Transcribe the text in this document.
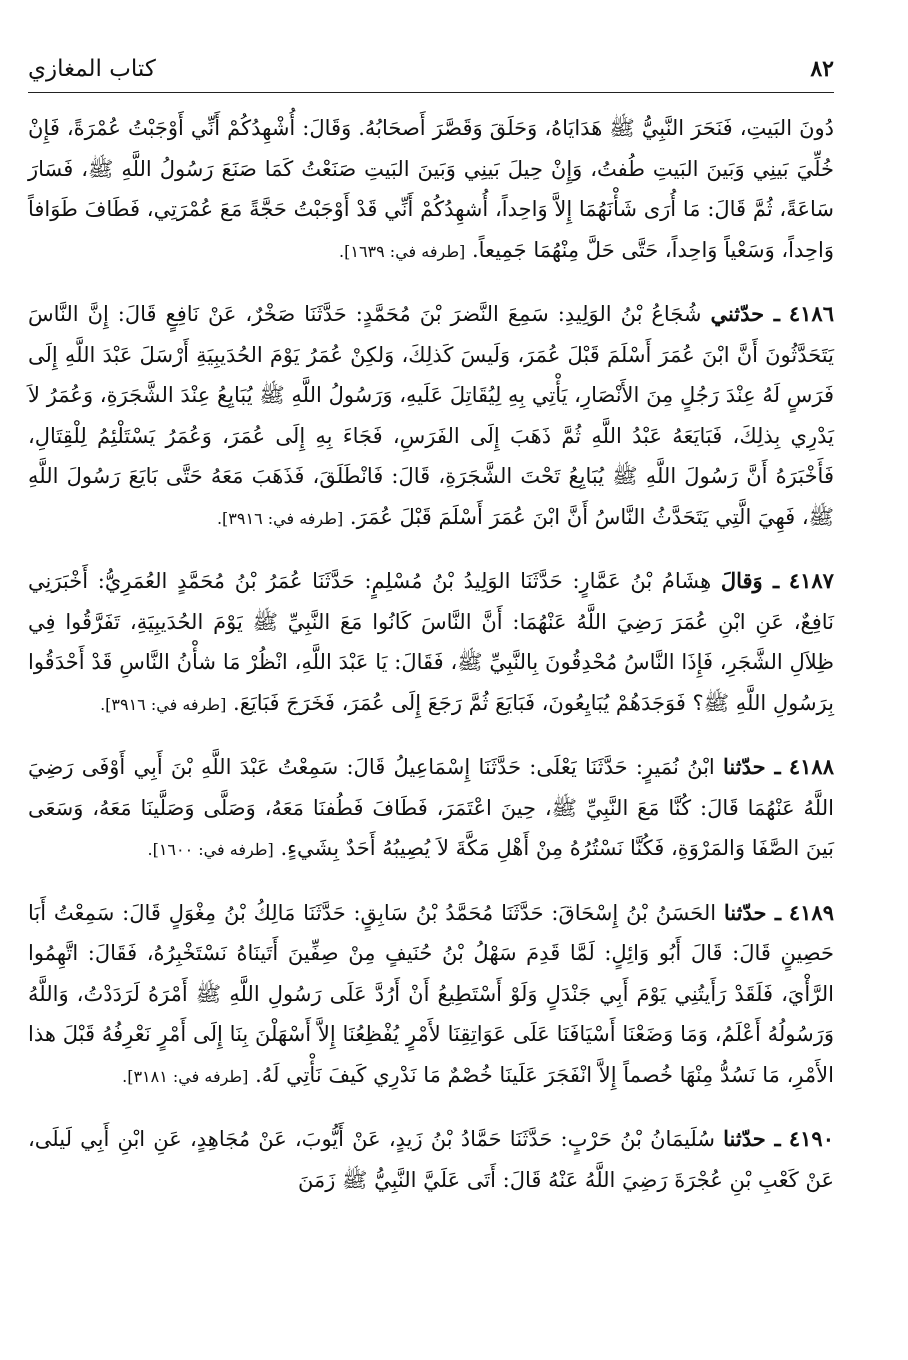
٨٢
كتاب المغازي

دُونَ البَيتِ، فَنَحَرَ النَّبِيُّ ﷺ هَدَايَاهُ، وَحَلَقَ وَقَصَّرَ أَصحَابُهُ. وَقَالَ: أُشْهِدُكُمْ أَنِّي أَوْجَبْتُ عُمْرَةً، فَإِنْ خُلِّيَ بَينِي وَبَينَ البَيتِ طُفتُ، وَإِنْ حِيلَ بَينِي وَبَينَ البَيتِ صَنَعْتُ كَمَا صَنَعَ رَسُولُ اللَّهِ ﷺ، فَسَارَ سَاعَةً، ثُمَّ قَالَ: مَا أُرَى شَأْنَهُمَا إِلاَّ وَاحِداً، أُشهِدُكُمْ أَنِّي قَدْ أَوْجَبْتُ حَجَّةً مَعَ عُمْرَتِي، فَطَافَ طَوَافاً وَاحِداً، وَسَعْياً وَاحِداً، حَتَّى حَلَّ مِنْهُمَا جَمِيعاً. [طرفه في: ١٦٣٩].

٤١٨٦ ـ حدّثني شُجَاعُ بْنُ الوَلِيدِ: سَمِعَ النَّضرَ بْنَ مُحَمَّدٍ: حَدَّثَنَا صَخْرٌ، عَنْ نَافِعٍ قَالَ: إِنَّ النَّاسَ يَتَحَدَّثُونَ أَنَّ ابْنَ عُمَرَ أَسْلَمَ قَبْلَ عُمَرَ، وَلَيسَ كَذلِكَ، وَلكِنْ عُمَرُ يَوْمَ الحُدَيبِيَةِ أَرْسَلَ عَبْدَ اللَّهِ إِلَى فَرَسٍ لَهُ عِنْدَ رَجُلٍ مِنَ الأَنْصَارِ، يَأْتِي بِهِ لِيُقَاتِلَ عَلَيهِ، وَرَسُولُ اللَّهِ ﷺ يُبَايِعُ عِنْدَ الشَّجَرَةِ، وَعُمَرُ لاَ يَدْرِي بِذلِكَ، فَبَايَعَهُ عَبْدُ اللَّهِ ثُمَّ ذَهَبَ إِلَى الفَرَسِ، فَجَاءَ بِهِ إِلَى عُمَرَ، وَعُمَرُ يَسْتَلْئِمُ لِلْقِتَالِ، فَأَخْبَرَهُ أَنَّ رَسُولَ اللَّهِ ﷺ يُبَايِعُ تَحْتَ الشَّجَرَةِ، قَالَ: فَانْطَلَقَ، فَذَهَبَ مَعَهُ حَتَّى بَايَعَ رَسُولَ اللَّهِ ﷺ، فَهِيَ الَّتِي يَتَحَدَّثُ النَّاسُ أَنَّ ابْنَ عُمَرَ أَسْلَمَ قَبْلَ عُمَرَ. [طرفه في: ٣٩١٦].

٤١٨٧ ـ وَقالَ هِشَامُ بْنُ عَمَّارٍ: حَدَّثَنَا الوَلِيدُ بْنُ مُسْلِمٍ: حَدَّثَنَا عُمَرُ بْنُ مُحَمَّدٍ العُمَرِيُّ: أَخْبَرَنِي نَافِعٌ، عَنِ ابْنِ عُمَرَ رَضِيَ اللَّهُ عَنْهُمَا: أَنَّ النَّاسَ كَانُوا مَعَ النَّبِيِّ ﷺ يَوْمَ الحُدَيبِيَةِ، تَفَرَّقُوا فِي ظِلاَلِ الشَّجَرِ، فَإِذَا النَّاسُ مُحْدِقُونَ بِالنَّبِيِّ ﷺ، فَقَالَ: يَا عَبْدَ اللَّهِ، انْظُرْ مَا شأْنُ النَّاسِ قَدْ أَحْدَقُوا بِرَسُولِ اللَّهِ ﷺ؟ فَوَجَدَهُمْ يُبَايِعُونَ، فَبَايَعَ ثُمَّ رَجَعَ إِلَى عُمَرَ، فَخَرَجَ فَبَايَعَ. [طرفه في: ٣٩١٦].

٤١٨٨ ـ حدّثنا ابْنُ نُمَيرٍ: حَدَّثَنَا يَعْلَى: حَدَّثَنَا إِسْمَاعِيلُ قَالَ: سَمِعْتُ عَبْدَ اللَّهِ بْنَ أَبِي أَوْفَى رَضِيَ اللَّهُ عَنْهُمَا قَالَ: كُنَّا مَعَ النَّبِيِّ ﷺ، حِينَ اعْتَمَرَ، فَطَافَ فَطُفنَا مَعَهُ، وَصَلَّى وَصَلَّينَا مَعَهُ، وَسَعَى بَينَ الصَّفَا وَالمَرْوَةِ، فَكُنَّا نَسْتُرُهُ مِنْ أَهْلِ مَكَّةَ لاَ يُصِيبُهُ أَحَدٌ بِشَيءٍ. [طرفه في: ١٦٠٠].

٤١٨٩ ـ حدّثنا الحَسَنُ بْنُ إِسْحَاقَ: حَدَّثَنَا مُحَمَّدُ بْنُ سَابِقٍ: حَدَّثَنَا مَالِكُ بْنُ مِغْوَلٍ قَالَ: سَمِعْتُ أَبَا حَصِينٍ قَالَ: قَالَ أَبُو وَائِلٍ: لَمَّا قَدِمَ سَهْلُ بْنُ حُنَيفٍ مِنْ صِفِّينَ أَتَينَاهُ نَسْتَخْبِرُهُ، فَقَالَ: اتَّهِمُوا الرَّأْيَ، فَلَقَدْ رَأَيتُنِي يَوْمَ أَبِي جَنْدَلٍ وَلَوْ أَسْتَطِيعُ أَنْ أَرُدَّ عَلَى رَسُولِ اللَّهِ ﷺ أَمْرَهُ لَرَدَدْتُ، وَاللَّهُ وَرَسُولُهُ أَعْلَمُ، وَمَا وَضَعْنَا أَسْيَافَنَا عَلَى عَوَاتِقِنَا لأَمْرٍ يُفْظِعُنَا إِلاَّ أَسْهَلْنَ بِنَا إِلَى أَمْرٍ نَعْرِفُهُ قَبْلَ هذا الأَمْرِ، مَا نَسُدُّ مِنْهَا خُصماً إِلاَّ انْفَجَرَ عَلَينَا خُصْمٌ مَا نَدْرِي كَيفَ نَأْتِي لَهُ. [طرفه في: ٣١٨١].

٤١٩٠ ـ حدّثنا سُلَيمَانُ بْنُ حَرْبٍ: حَدَّثَنَا حَمَّادُ بْنُ زَيدٍ، عَنْ أَيُّوبَ، عَنْ مُجَاهِدٍ، عَنِ ابْنِ أَبِي لَيلَى، عَنْ كَعْبِ بْنِ عُجْرَةَ رَضِيَ اللَّهُ عَنْهُ قَالَ: أَتَى عَلَيَّ النَّبِيُّ ﷺ زَمَنَ
